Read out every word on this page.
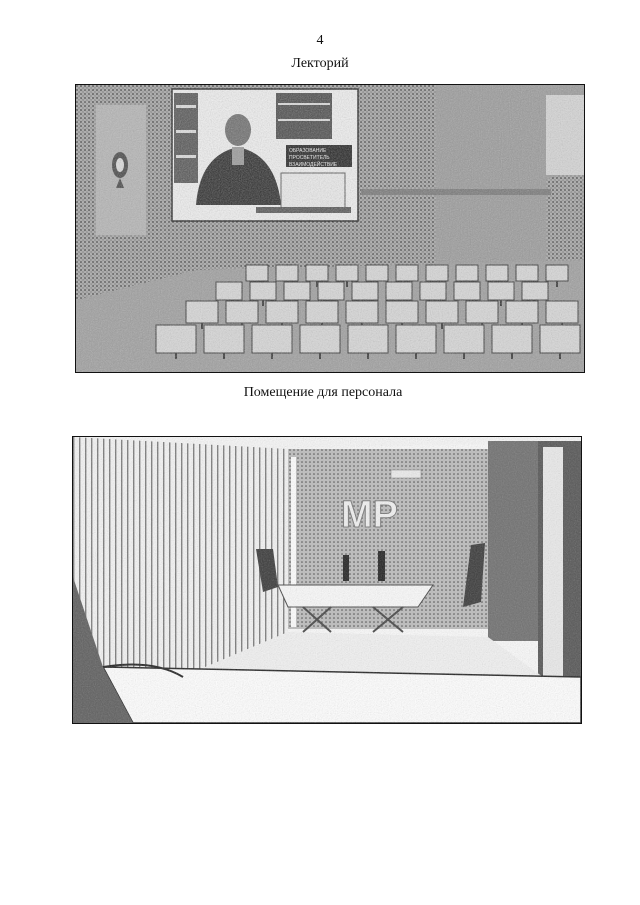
4
Лекторий
Помещение для персонала
